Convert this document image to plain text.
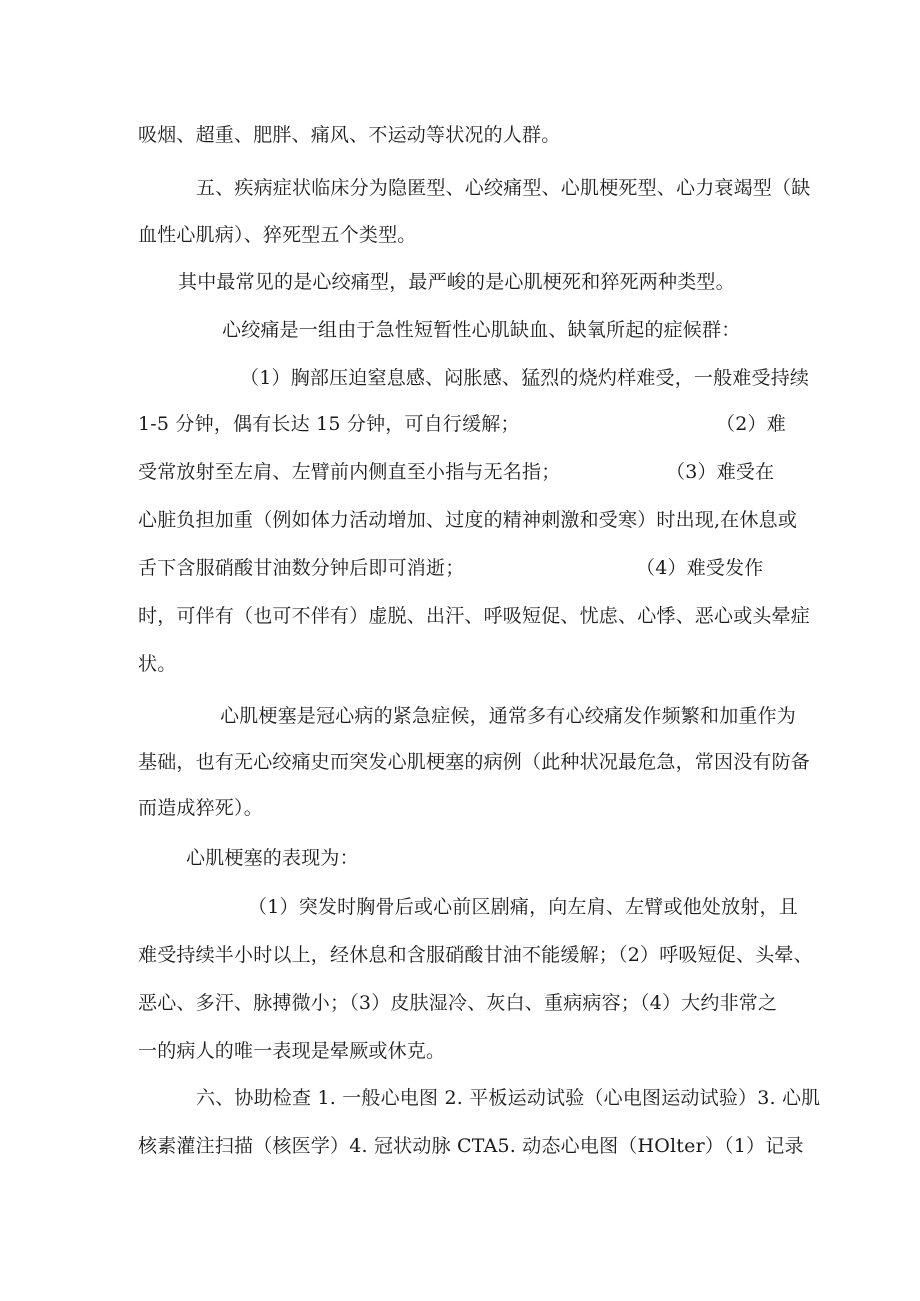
吸烟、超重、肥胖、痛风、不运动等状况的人群。
五、疾病症状临床分为隐匿型、心绞痛型、心肌梗死型、心力衰竭型（缺
血性心肌病）、猝死型五个类型。
其中最常见的是心绞痛型，最严峻的是心肌梗死和猝死两种类型。
心绞痛是一组由于急性短暂性心肌缺血、缺氧所起的症候群：
（1）胸部压迫窒息感、闷胀感、猛烈的烧灼样难受，一般难受持续
1-5 分钟，偶有长达 15 分钟，可自行缓解；	（2）难
受常放射至左肩、左臂前内侧直至小指与无名指；	（3）难受在
心脏负担加重（例如体力活动增加、过度的精神刺激和受寒）时出现,在休息或
舌下含服硝酸甘油数分钟后即可消逝；	（4）难受发作
时，可伴有（也可不伴有）虚脱、出汗、呼吸短促、忧虑、心悸、恶心或头晕症
状。
心肌梗塞是冠心病的紧急症候，通常多有心绞痛发作频繁和加重作为
基础，也有无心绞痛史而突发心肌梗塞的病例（此种状况最危急，常因没有防备
而造成猝死）。
心肌梗塞的表现为：
（1）突发时胸骨后或心前区剧痛，向左肩、左臂或他处放射，且
难受持续半小时以上，经休息和含服硝酸甘油不能缓解；（2）呼吸短促、头晕、
恶心、多汗、脉搏微小；（3）皮肤湿冷、灰白、重病病容；（4）大约非常之
一的病人的唯一表现是晕厥或休克。
六、协助检查 1. 一般心电图 2. 平板运动试验（心电图运动试验）3. 心肌
核素灌注扫描（核医学）4. 冠状动脉 CTA5. 动态心电图（HOlter）（1）记录
